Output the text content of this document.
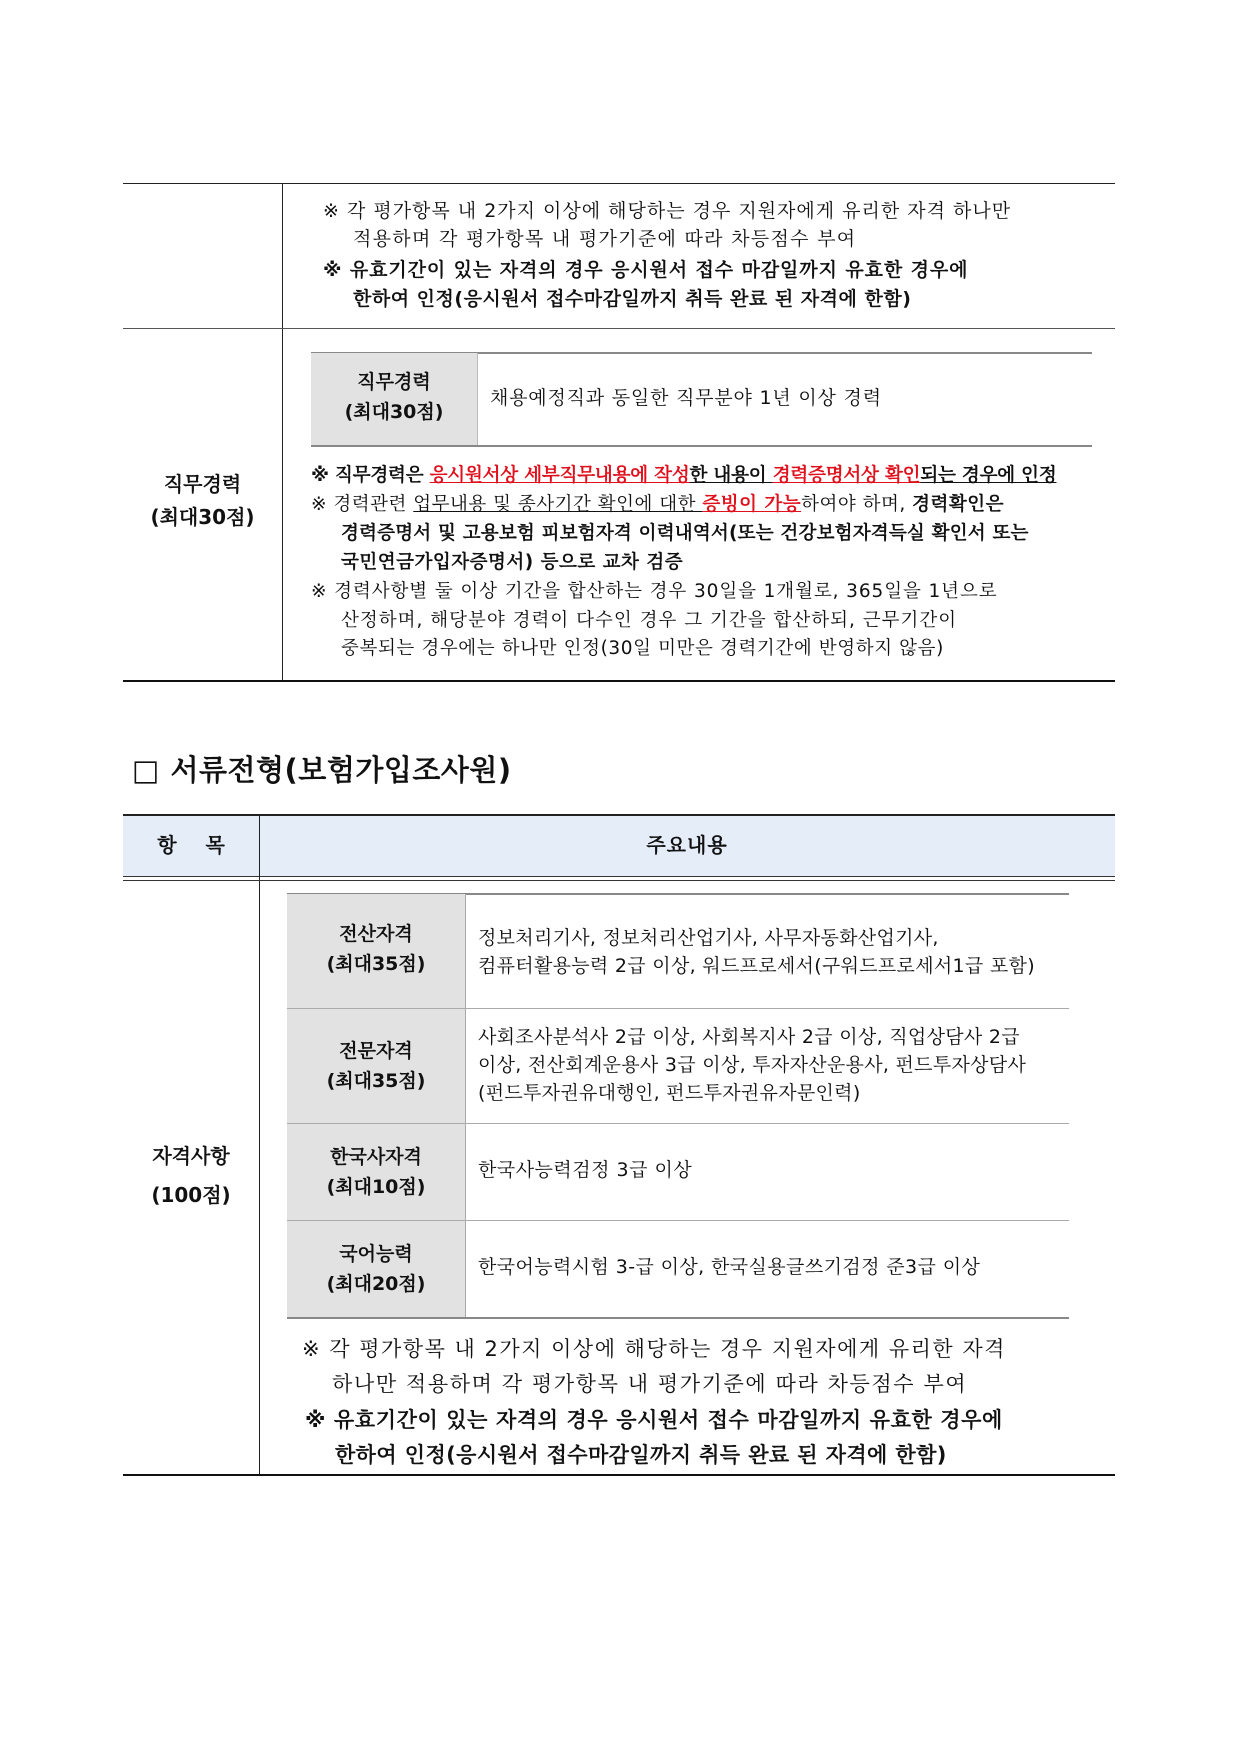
※ 각 평가항목 내 2가지 이상에 해당하는 경우 지원자에게 유리한 자격 하나만
적용하며 각 평가항목 내 평가기준에 따라 차등점수 부여
※ 유효기간이 있는 자격의 경우 응시원서 접수 마감일까지 유효한 경우에
한하여 인정(응시원서 접수마감일까지 취득 완료 된 자격에 한함)
직무경력
(최대30점)
직무경력
(최대30점)
채용예정직과 동일한 직무분야 1년 이상 경력
※ 직무경력은 응시원서상 세부직무내용에 작성한 내용이 경력증명서상 확인되는 경우에 인정
※ 경력관련 업무내용 및 종사기간 확인에 대한 증빙이 가능하여야 하며, 경력확인은
경력증명서 및 고용보험 피보험자격 이력내역서(또는 건강보험자격득실 확인서 또는
국민연금가입자증명서) 등으로 교차 검증
※ 경력사항별 둘 이상 기간을 합산하는 경우 30일을 1개월로, 365일을 1년으로
산정하며, 해당분야 경력이 다수인 경우 그 기간을 합산하되, 근무기간이
중복되는 경우에는 하나만 인정(30일 미만은 경력기간에 반영하지 않음)
□ 서류전형(보험가입조사원)
항 목	주요내용
자격사항
(100점)
전산자격
(최대35점)
정보처리기사, 정보처리산업기사, 사무자동화산업기사,
컴퓨터활용능력 2급 이상, 워드프로세서(구워드프로세서1급 포함)
전문자격
(최대35점)
사회조사분석사 2급 이상, 사회복지사 2급 이상, 직업상담사 2급
이상, 전산회계운용사 3급 이상, 투자자산운용사, 펀드투자상담사
(펀드투자권유대행인, 펀드투자권유자문인력)
한국사자격
(최대10점)
한국사능력검정 3급 이상
국어능력
(최대20점)
한국어능력시험 3-급 이상, 한국실용글쓰기검정 준3급 이상
※ 각 평가항목 내 2가지 이상에 해당하는 경우 지원자에게 유리한 자격
하나만 적용하며 각 평가항목 내 평가기준에 따라 차등점수 부여
※ 유효기간이 있는 자격의 경우 응시원서 접수 마감일까지 유효한 경우에
한하여 인정(응시원서 접수마감일까지 취득 완료 된 자격에 한함)
